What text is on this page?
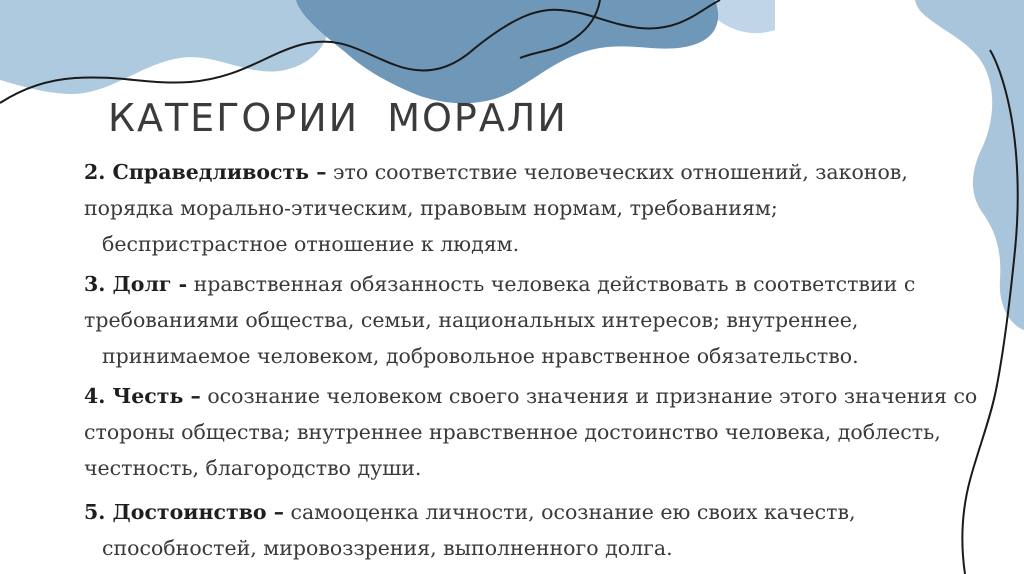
КАТЕГОРИИ  МОРАЛИ

2. Справедливость – это соответствие человеческих отношений, законов,
порядка морально-этическим, правовым нормам, требованиям;
беспристрастное отношение к людям.

3. Долг - нравственная обязанность человека действовать в соответствии с
требованиями общества, семьи, национальных интересов; внутреннее,
принимаемое человеком, добровольное нравственное обязательство.

4. Честь – осознание человеком своего значения и признание этого значения со
стороны общества; внутреннее нравственное достоинство человека, доблесть,
честность, благородство души.

5. Достоинство – самооценка личности, осознание ею своих качеств,
способностей, мировоззрения, выполненного долга.
